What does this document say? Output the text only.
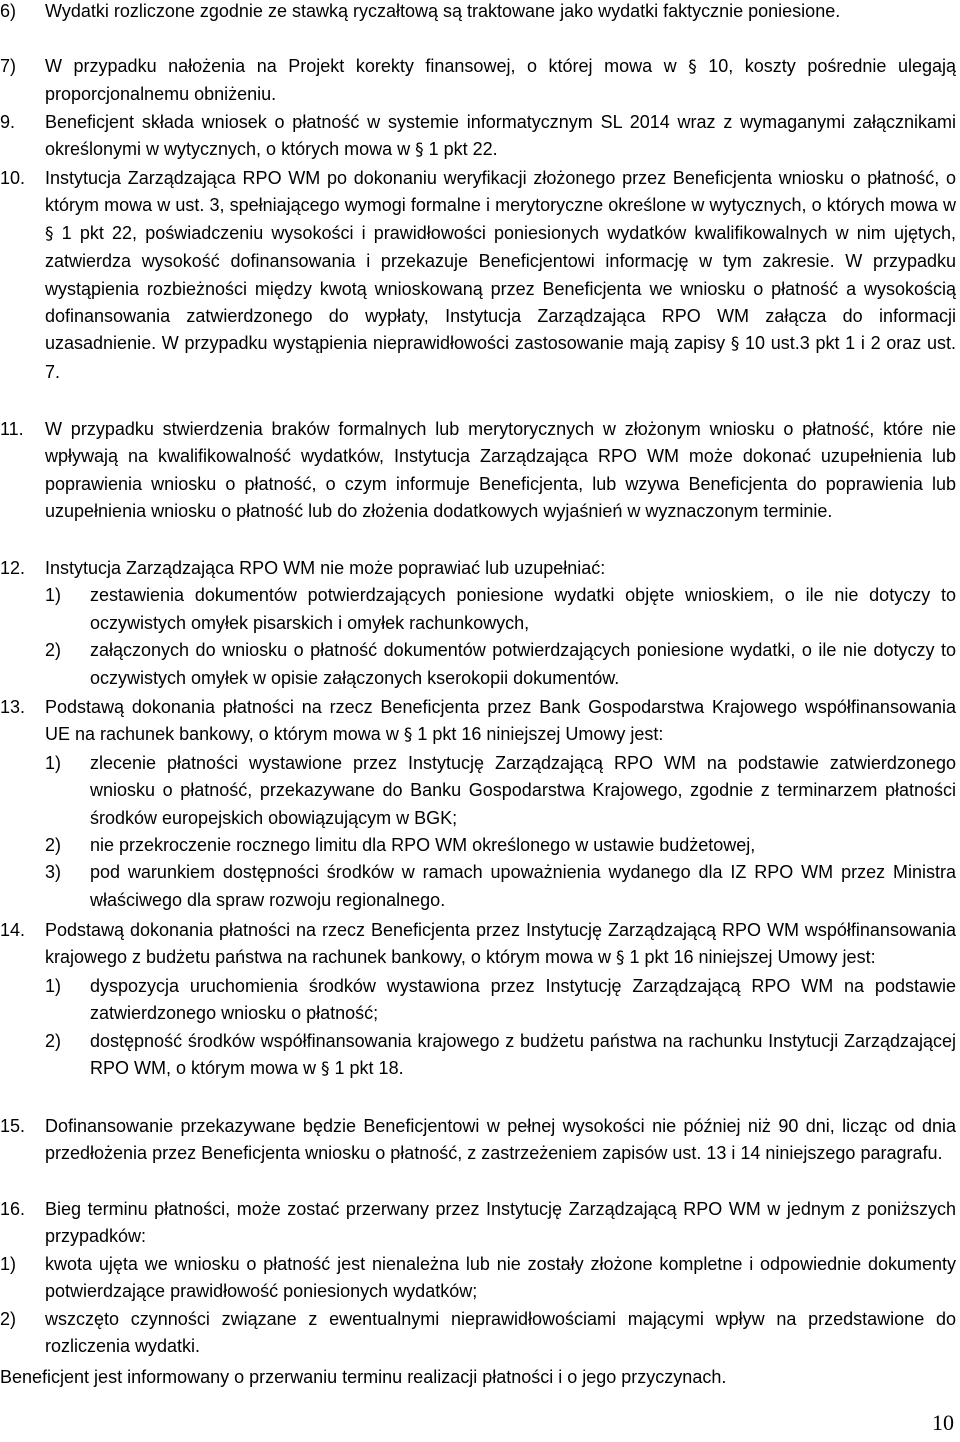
6) Wydatki rozliczone zgodnie ze stawką ryczałtową są traktowane jako wydatki faktycznie poniesione.
7) W przypadku nałożenia na Projekt korekty finansowej, o której mowa w § 10, koszty pośrednie ulegają proporcjonalnemu obniżeniu.
9. Beneficjent składa wniosek o płatność w systemie informatycznym SL 2014 wraz z wymaganymi załącznikami określonymi w wytycznych, o których mowa w § 1 pkt 22.
10. Instytucja Zarządzająca RPO WM po dokonaniu weryfikacji złożonego przez Beneficjenta wniosku o płatność, o którym mowa w ust. 3, spełniającego wymogi formalne i merytoryczne określone w wytycznych, o których mowa w § 1 pkt 22, poświadczeniu wysokości i prawidłowości poniesionych wydatków kwalifikowalnych w nim ujętych, zatwierdza wysokość dofinansowania i przekazuje Beneficjentowi informację w tym zakresie. W przypadku wystąpienia rozbieżności między kwotą wnioskowaną przez Beneficjenta we wniosku o płatność a wysokością dofinansowania zatwierdzonego do wypłaty, Instytucja Zarządzająca RPO WM załącza do informacji uzasadnienie. W przypadku wystąpienia nieprawidłowości zastosowanie mają zapisy § 10 ust.3 pkt 1 i 2 oraz ust. 7.
11. W przypadku stwierdzenia braków formalnych lub merytorycznych w złożonym wniosku o płatność, które nie wpływają na kwalifikowalność wydatków, Instytucja Zarządzająca RPO WM może dokonać uzupełnienia lub poprawienia wniosku o płatność, o czym informuje Beneficjenta, lub wzywa Beneficjenta do poprawienia lub uzupełnienia wniosku o płatność lub do złożenia dodatkowych wyjaśnień w wyznaczonym terminie.
12. Instytucja Zarządzająca RPO WM nie może poprawiać lub uzupełniać:
1) zestawienia dokumentów potwierdzających poniesione wydatki objęte wnioskiem, o ile nie dotyczy to oczywistych omyłek pisarskich i omyłek rachunkowych,
2) załączonych do wniosku o płatność dokumentów potwierdzających poniesione wydatki, o ile nie dotyczy to oczywistych omyłek w opisie załączonych kserokopii dokumentów.
13. Podstawą dokonania płatności na rzecz Beneficjenta przez Bank Gospodarstwa Krajowego współfinansowania UE na rachunek bankowy, o którym mowa w § 1 pkt 16 niniejszej Umowy jest:
1) zlecenie płatności wystawione przez Instytucję Zarządzającą RPO WM na podstawie zatwierdzonego wniosku o płatność, przekazywane do Banku Gospodarstwa Krajowego, zgodnie z terminarzem płatności środków europejskich obowiązującym w BGK;
2) nie przekroczenie rocznego limitu dla RPO WM określonego w ustawie budżetowej,
3) pod warunkiem dostępności środków w ramach upoważnienia wydanego dla IZ RPO WM przez Ministra właściwego dla spraw rozwoju regionalnego.
14. Podstawą dokonania płatności na rzecz Beneficjenta przez Instytucję Zarządzającą RPO WM współfinansowania krajowego z budżetu państwa na rachunek bankowy, o którym mowa w § 1 pkt 16 niniejszej Umowy jest:
1) dyspozycja uruchomienia środków wystawiona przez Instytucję Zarządzającą RPO WM na podstawie zatwierdzonego wniosku o płatność;
2) dostępność środków współfinansowania krajowego z budżetu państwa na rachunku Instytucji Zarządzającej RPO WM, o którym mowa w § 1 pkt 18.
15. Dofinansowanie przekazywane będzie Beneficjentowi w pełnej wysokości nie później niż 90 dni, licząc od dnia przedłożenia przez Beneficjenta wniosku o płatność, z zastrzeżeniem zapisów ust. 13 i 14 niniejszego paragrafu.
16. Bieg terminu płatności, może zostać przerwany przez Instytucję Zarządzającą RPO WM w jednym z poniższych przypadków:
1) kwota ujęta we wniosku o płatność jest nienależna lub nie zostały złożone kompletne i odpowiednie dokumenty potwierdzające prawidłowość poniesionych wydatków;
2) wszczęto czynności związane z ewentualnymi nieprawidłowościami mającymi wpływ na przedstawione do rozliczenia wydatki.
Beneficjent jest informowany o przerwaniu terminu realizacji płatności i o jego przyczynach.
10
